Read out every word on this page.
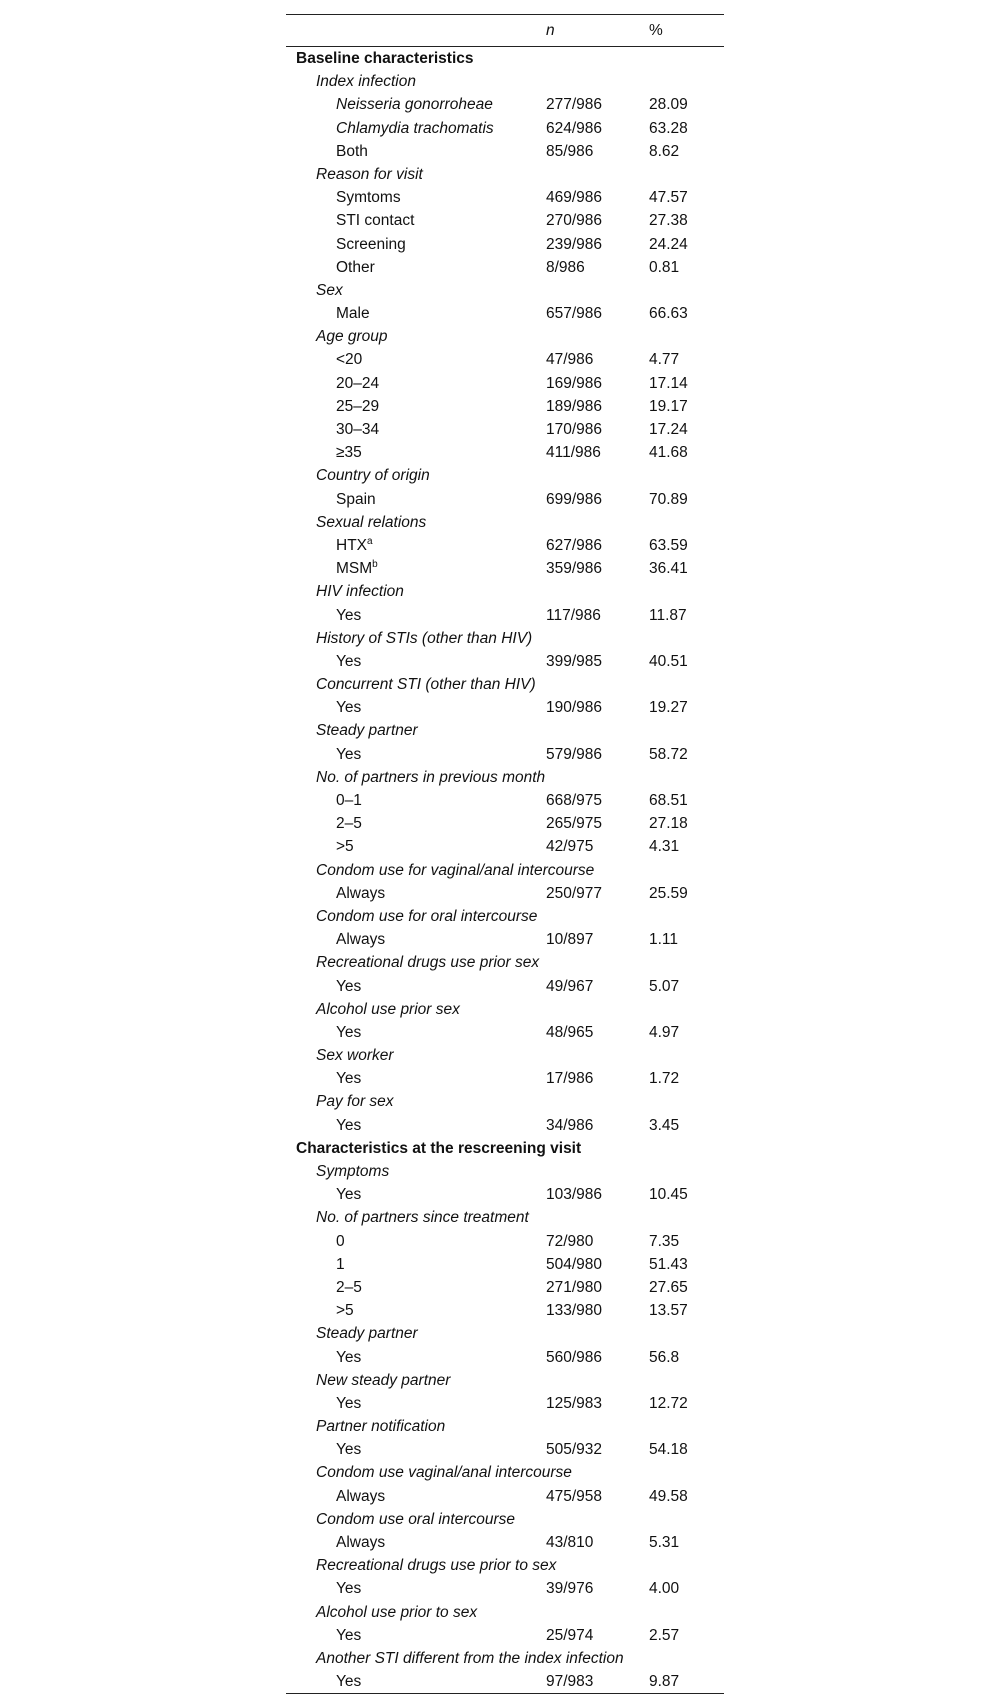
n	%
Baseline characteristics
Index infection
Neisseria gonorroheae	277/986	28.09
Chlamydia trachomatis	624/986	63.28
Both	85/986	8.62
Reason for visit
Symtoms	469/986	47.57
STI contact	270/986	27.38
Screening	239/986	24.24
Other	8/986	0.81
Sex
Male	657/986	66.63
Age group
<20	47/986	4.77
20–24	169/986	17.14
25–29	189/986	19.17
30–34	170/986	17.24
≥35	411/986	41.68
Country of origin
Spain	699/986	70.89
Sexual relations
HTX$^a$	627/986	63.59
MSM$^b$	359/986	36.41
HIV infection
Yes	117/986	11.87
History of STIs (other than HIV)
Yes	399/985	40.51
Concurrent STI (other than HIV)
Yes	190/986	19.27
Steady partner
Yes	579/986	58.72
No. of partners in previous month
0–1	668/975	68.51
2–5	265/975	27.18
>5	42/975	4.31
Condom use for vaginal/anal intercourse
Always	250/977	25.59
Condom use for oral intercourse
Always	10/897	1.11
Recreational drugs use prior sex
Yes	49/967	5.07
Alcohol use prior sex
Yes	48/965	4.97
Sex worker
Yes	17/986	1.72
Pay for sex
Yes	34/986	3.45
Characteristics at the rescreening visit
Symptoms
Yes	103/986	10.45
No. of partners since treatment
0	72/980	7.35
1	504/980	51.43
2–5	271/980	27.65
>5	133/980	13.57
Steady partner
Yes	560/986	56.8
New steady partner
Yes	125/983	12.72
Partner notification
Yes	505/932	54.18
Condom use vaginal/anal intercourse
Always	475/958	49.58
Condom use oral intercourse
Always	43/810	5.31
Recreational drugs use prior to sex
Yes	39/976	4.00
Alcohol use prior to sex
Yes	25/974	2.57
Another STI different from the index infection
Yes	97/983	9.87
